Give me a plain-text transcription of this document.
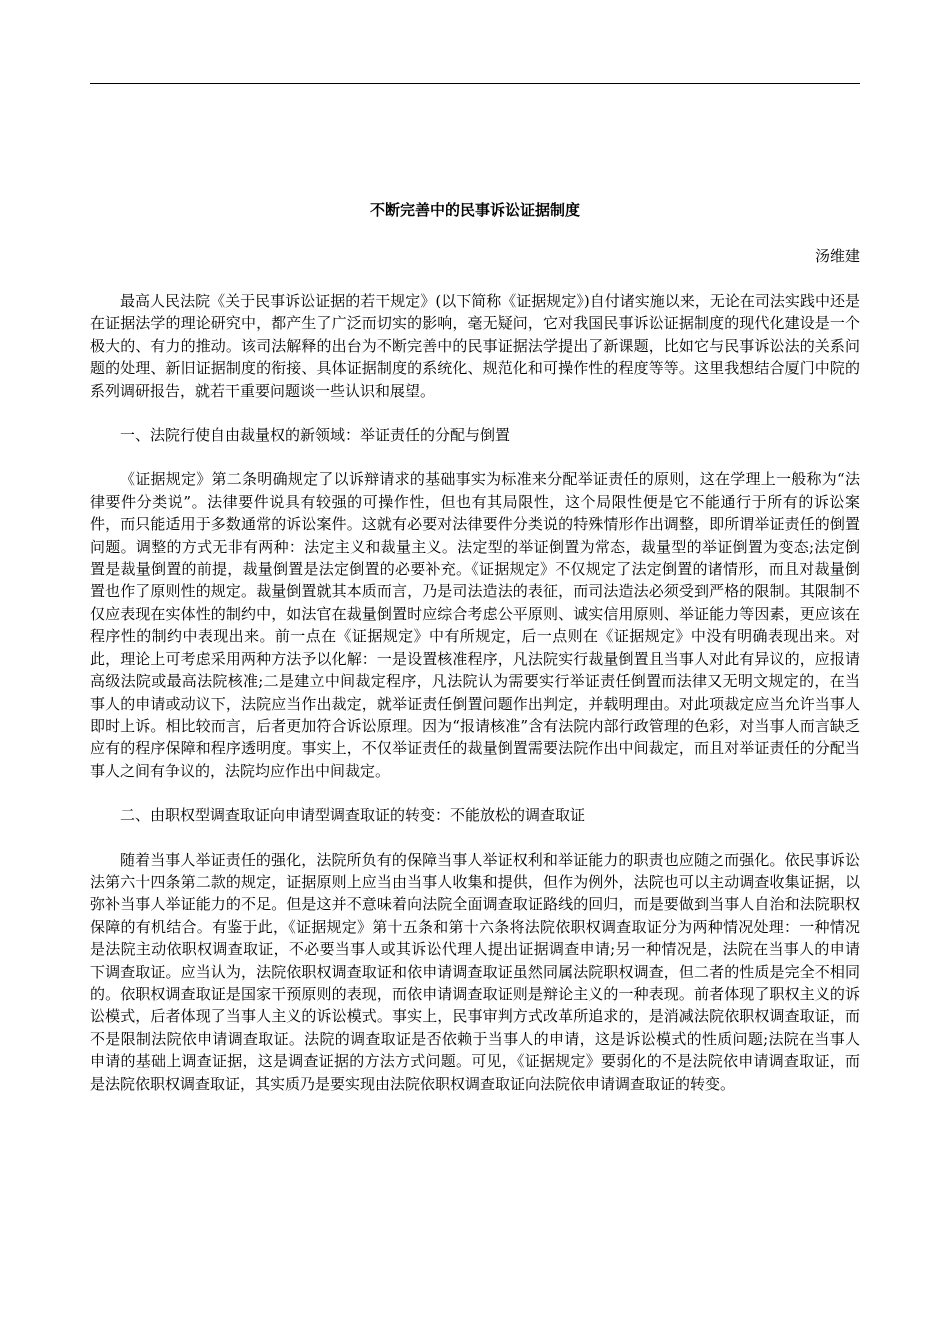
不断完善中的民事诉讼证据制度
汤维建

最高人民法院《关于民事诉讼证据的若干规定》(以下简称《证据规定》)自付诸实施以来，无论在司法实践中还是在证据法学的理论研究中，都产生了广泛而切实的影响，毫无疑问，它对我国民事诉讼证据制度的现代化建设是一个极大的、有力的推动。该司法解释的出台为不断完善中的民事证据法学提出了新课题，比如它与民事诉讼法的关系问题的处理、新旧证据制度的衔接、具体证据制度的系统化、规范化和可操作性的程度等等。这里我想结合厦门中院的系列调研报告，就若干重要问题谈一些认识和展望。

一、法院行使自由裁量权的新领域：举证责任的分配与倒置

《证据规定》第二条明确规定了以诉辩请求的基础事实为标准来分配举证责任的原则，这在学理上一般称为“法律要件分类说”。法律要件说具有较强的可操作性，但也有其局限性，这个局限性便是它不能通行于所有的诉讼案件，而只能适用于多数通常的诉讼案件。这就有必要对法律要件分类说的特殊情形作出调整，即所谓举证责任的倒置问题。调整的方式无非有两种：法定主义和裁量主义。法定型的举证倒置为常态，裁量型的举证倒置为变态;法定倒置是裁量倒置的前提，裁量倒置是法定倒置的必要补充。《证据规定》不仅规定了法定倒置的诸情形，而且对裁量倒置也作了原则性的规定。裁量倒置就其本质而言，乃是司法造法的表征，而司法造法必须受到严格的限制。其限制不仅应表现在实体性的制约中，如法官在裁量倒置时应综合考虑公平原则、诚实信用原则、举证能力等因素，更应该在程序性的制约中表现出来。前一点在《证据规定》中有所规定，后一点则在《证据规定》中没有明确表现出来。对此，理论上可考虑采用两种方法予以化解：一是设置核准程序，凡法院实行裁量倒置且当事人对此有异议的，应报请高级法院或最高法院核准;二是建立中间裁定程序，凡法院认为需要实行举证责任倒置而法律又无明文规定的，在当事人的申请或动议下，法院应当作出裁定，就举证责任倒置问题作出判定，并载明理由。对此项裁定应当允许当事人即时上诉。相比较而言，后者更加符合诉讼原理。因为“报请核准”含有法院内部行政管理的色彩，对当事人而言缺乏应有的程序保障和程序透明度。事实上，不仅举证责任的裁量倒置需要法院作出中间裁定，而且对举证责任的分配当事人之间有争议的，法院均应作出中间裁定。

二、由职权型调查取证向申请型调查取证的转变：不能放松的调查取证

随着当事人举证责任的强化，法院所负有的保障当事人举证权利和举证能力的职责也应随之而强化。依民事诉讼法第六十四条第二款的规定，证据原则上应当由当事人收集和提供，但作为例外，法院也可以主动调查收集证据，以弥补当事人举证能力的不足。但是这并不意味着向法院全面调查取证路线的回归，而是要做到当事人自治和法院职权保障的有机结合。有鉴于此，《证据规定》第十五条和第十六条将法院依职权调查取证分为两种情况处理：一种情况是法院主动依职权调查取证，不必要当事人或其诉讼代理人提出证据调查申请;另一种情况是，法院在当事人的申请下调查取证。应当认为，法院依职权调查取证和依申请调查取证虽然同属法院职权调查，但二者的性质是完全不相同的。依职权调查取证是国家干预原则的表现，而依申请调查取证则是辩论主义的一种表现。前者体现了职权主义的诉讼模式，后者体现了当事人主义的诉讼模式。事实上，民事审判方式改革所追求的，是消减法院依职权调查取证，而不是限制法院依申请调查取证。法院的调查取证是否依赖于当事人的申请，这是诉讼模式的性质问题;法院在当事人申请的基础上调查证据，这是调查证据的方法方式问题。可见，《证据规定》要弱化的不是法院依申请调查取证，而是法院依职权调查取证，其实质乃是要实现由法院依职权调查取证向法院依申请调查取证的转变。
